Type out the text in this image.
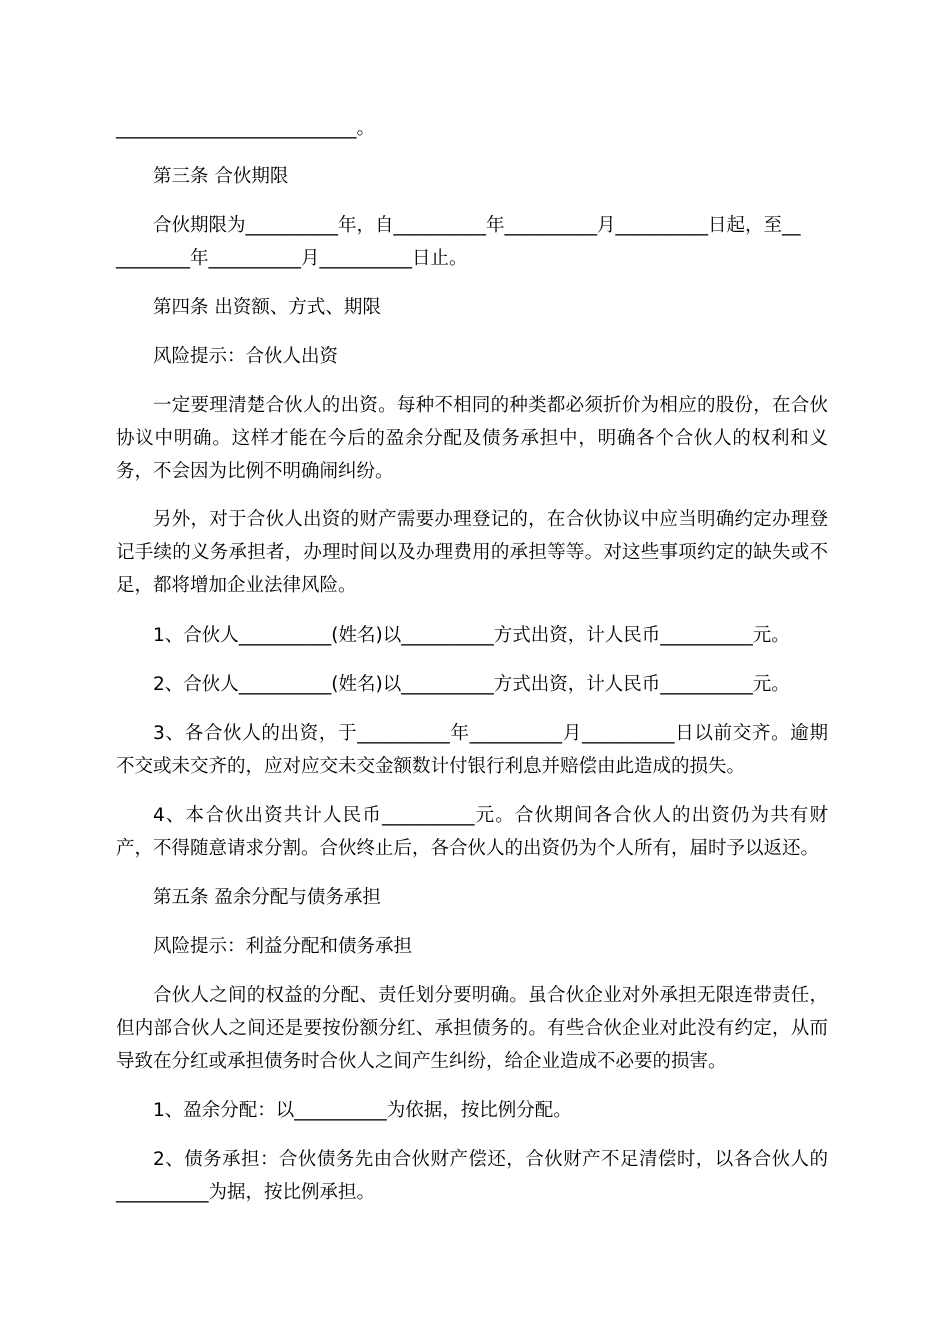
__________________________。

第三条 合伙期限

合伙期限为__________年，自__________年__________月__________日起，至__

________年__________月__________日止。

第四条 出资额、方式、期限

风险提示：合伙人出资

一定要理清楚合伙人的出资。每种不相同的种类都必须折价为相应的股份，在合伙协议中明确。这样才能在今后的盈余分配及债务承担中，明确各个合伙人的权利和义务，不会因为比例不明确闹纠纷。

另外，对于合伙人出资的财产需要办理登记的，在合伙协议中应当明确约定办理登记手续的义务承担者，办理时间以及办理费用的承担等等。对这些事项约定的缺失或不足，都将增加企业法律风险。

1、合伙人__________(姓名)以__________方式出资，计人民币__________元。

2、合伙人__________(姓名)以__________方式出资，计人民币__________元。

3、各合伙人的出资，于__________年__________月__________日以前交齐。逾期不交或未交齐的，应对应交未交金额数计付银行利息并赔偿由此造成的损失。

4、本合伙出资共计人民币__________元。合伙期间各合伙人的出资仍为共有财产，不得随意请求分割。合伙终止后，各合伙人的出资仍为个人所有，届时予以返还。

第五条 盈余分配与债务承担

风险提示：利益分配和债务承担

合伙人之间的权益的分配、责任划分要明确。虽合伙企业对外承担无限连带责任，但内部合伙人之间还是要按份额分红、承担债务的。有些合伙企业对此没有约定，从而导致在分红或承担债务时合伙人之间产生纠纷，给企业造成不必要的损害。

1、盈余分配：以__________为依据，按比例分配。

2、债务承担：合伙债务先由合伙财产偿还，合伙财产不足清偿时，以各合伙人的__________为据，按比例承担。
